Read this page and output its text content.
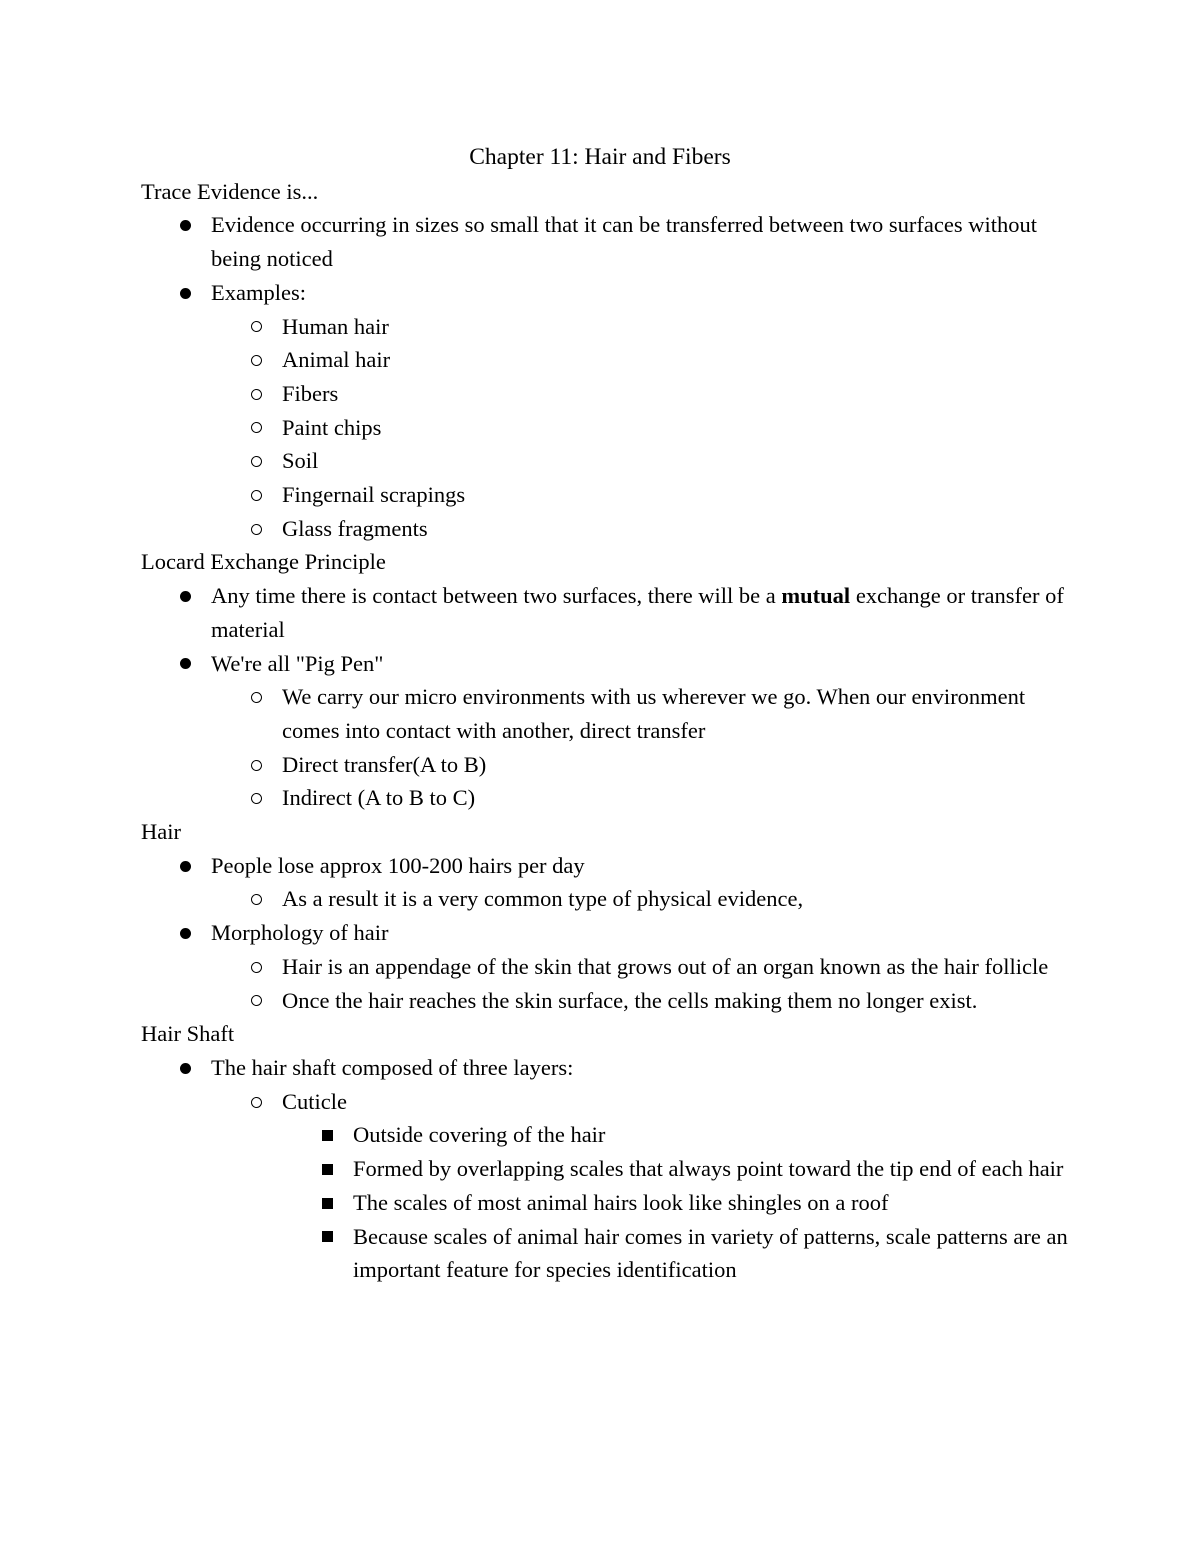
Chapter 11: Hair and Fibers
Trace Evidence is...
Evidence occurring in sizes so small that it can be transferred between two surfaces without being noticed
Examples:
Human hair
Animal hair
Fibers
Paint chips
Soil
Fingernail scrapings
Glass fragments
Locard Exchange Principle
Any time there is contact between two surfaces, there will be a mutual exchange or transfer of material
We're all "Pig Pen"
We carry our micro environments with us wherever we go. When our environment comes into contact with another, direct transfer
Direct transfer(A to B)
Indirect (A to B to C)
Hair
People lose approx 100-200 hairs per day
As a result it is a very common type of physical evidence,
Morphology of hair
Hair is an appendage of the skin that grows out of an organ known as the hair follicle
Once the hair reaches the skin surface, the cells making them no longer exist.
Hair Shaft
The hair shaft composed of three layers:
Cuticle
Outside covering of the hair
Formed by overlapping scales that always point toward the tip end of each hair
The scales of most animal hairs look like shingles on a roof
Because scales of animal hair comes in variety of patterns, scale patterns are an important feature for species identification
